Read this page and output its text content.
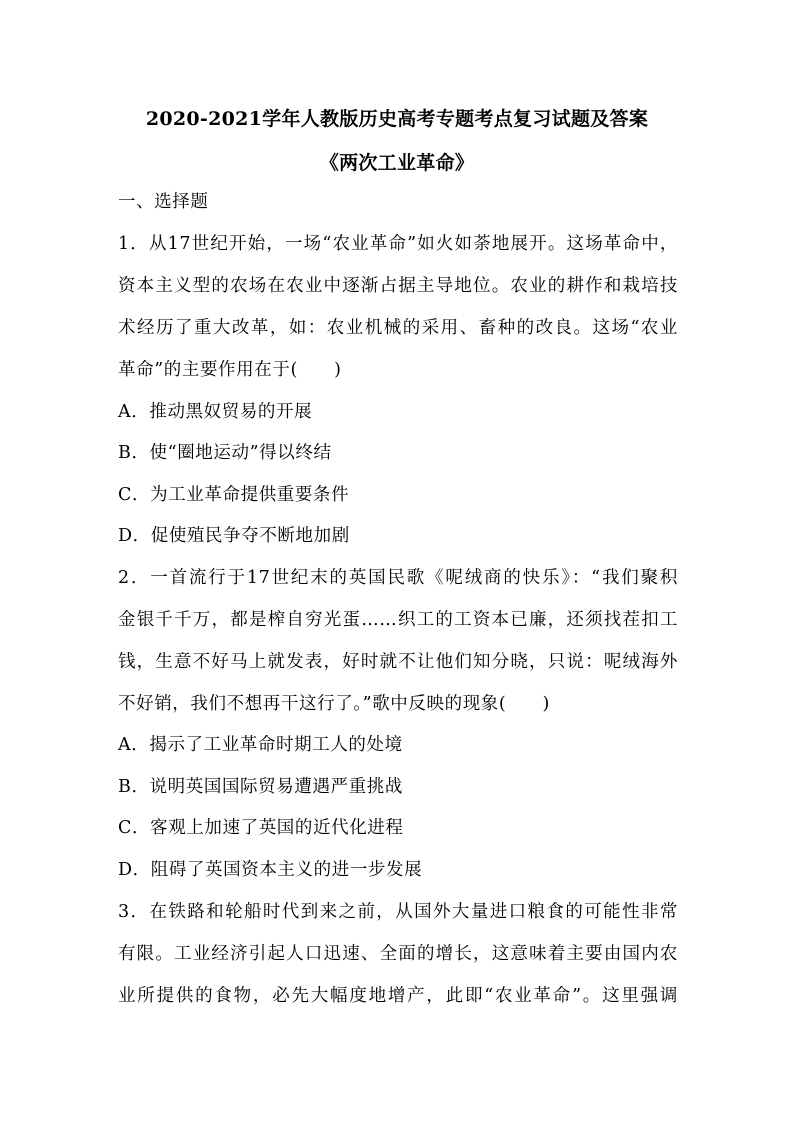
2020-2021学年人教版历史高考专题考点复习试题及答案
《两次工业革命》
一、选择题
1．从17世纪开始，一场“农业革命”如火如荼地展开。这场革命中，
资本主义型的农场在农业中逐渐占据主导地位。农业的耕作和栽培技
术经历了重大改革，如：农业机械的采用、畜种的改良。这场“农业
革命”的主要作用在于(　　)
A．推动黑奴贸易的开展
B．使“圈地运动”得以终结
C．为工业革命提供重要条件
D．促使殖民争夺不断地加剧
2．一首流行于17世纪末的英国民歌《呢绒商的快乐》：“我们聚积
金银千千万，都是榨自穷光蛋……织工的工资本已廉，还须找茬扣工
钱，生意不好马上就发表，好时就不让他们知分晓，只说：呢绒海外
不好销，我们不想再干这行了。”歌中反映的现象(　　)
A．揭示了工业革命时期工人的处境
B．说明英国国际贸易遭遇严重挑战
C．客观上加速了英国的近代化进程
D．阻碍了英国资本主义的进一步发展
3．在铁路和轮船时代到来之前，从国外大量进口粮食的可能性非常
有限。工业经济引起人口迅速、全面的增长，这意味着主要由国内农
业所提供的食物，必先大幅度地增产，此即“农业革命”。这里强调
